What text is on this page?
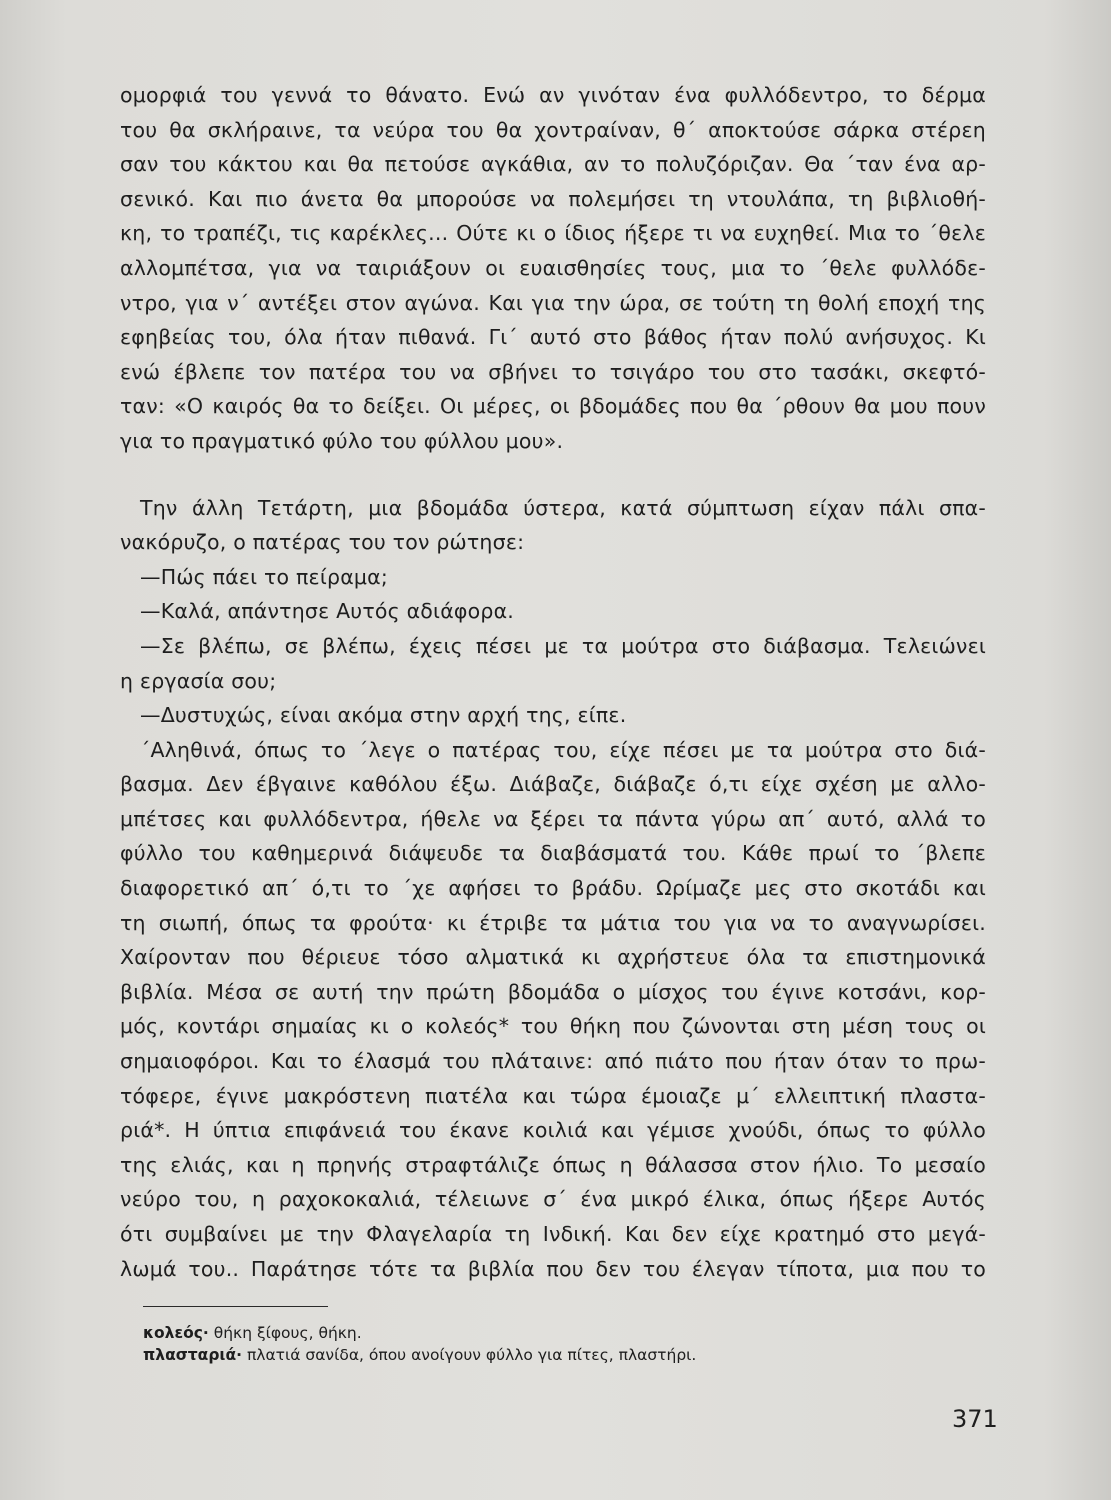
ομορφιά του γεννά το θάνατο. Ενώ αν γινόταν ένα φυλλόδεντρο, το δέρμα
του θα σκλήραινε, τα νεύρα του θα χοντραίναν, θ΄ αποκτούσε σάρκα στέρεη
σαν του κάκτου και θα πετούσε αγκάθια, αν το πολυζόριζαν. Θα ΄ταν ένα αρ-
σενικό. Και πιο άνετα θα μπορούσε να πολεμήσει τη ντουλάπα, τη βιβλιοθή-
κη, το τραπέζι, τις καρέκλες... Ούτε κι ο ίδιος ήξερε τι να ευχηθεί. Μια το ΄θελε
αλλομπέτσα, για να ταιριάξουν οι ευαισθησίες τους, μια το ΄θελε φυλλόδε-
ντρο, για ν΄ αντέξει στον αγώνα. Και για την ώρα, σε τούτη τη θολή εποχή της
εφηβείας του, όλα ήταν πιθανά. Γι΄ αυτό στο βάθος ήταν πολύ ανήσυχος. Κι
ενώ έβλεπε τον πατέρα του να σβήνει το τσιγάρο του στο τασάκι, σκεφτό-
ταν: «Ο καιρός θα το δείξει. Οι μέρες, οι βδομάδες που θα ΄ρθουν θα μου πουν
για το πραγματικό φύλο του φύλλου μου».
Την άλλη Τετάρτη, μια βδομάδα ύστερα, κατά σύμπτωση είχαν πάλι σπα-
νακόρυζο, ο πατέρας του τον ρώτησε:
—Πώς πάει το πείραμα;
—Καλά, απάντησε Αυτός αδιάφορα.
—Σε βλέπω, σε βλέπω, έχεις πέσει με τα μούτρα στο διάβασμα. Τελειώνει
η εργασία σου;
—Δυστυχώς, είναι ακόμα στην αρχή της, είπε.
΄Αληθινά, όπως το ΄λεγε ο πατέρας του, είχε πέσει με τα μούτρα στο διά-
βασμα. Δεν έβγαινε καθόλου έξω. Διάβαζε, διάβαζε ό,τι είχε σχέση με αλλο-
μπέτσες και φυλλόδεντρα, ήθελε να ξέρει τα πάντα γύρω απ΄ αυτό, αλλά το
φύλλο του καθημερινά διάψευδε τα διαβάσματά του. Κάθε πρωί το ΄βλεπε
διαφορετικό απ΄ ό,τι το ΄χε αφήσει το βράδυ. Ωρίμαζε μες στο σκοτάδι και
τη σιωπή, όπως τα φρούτα· κι έτριβε τα μάτια του για να το αναγνωρίσει.
Χαίρονταν που θέριευε τόσο αλματικά κι αχρήστευε όλα τα επιστημονικά
βιβλία. Μέσα σε αυτή την πρώτη βδομάδα ο μίσχος του έγινε κοτσάνι, κορ-
μός, κοντάρι σημαίας κι ο κολεός* του θήκη που ζώνονται στη μέση τους οι
σημαιοφόροι. Και το έλασμά του πλάταινε: από πιάτο που ήταν όταν το πρω-
τόφερε, έγινε μακρόστενη πιατέλα και τώρα έμοιαζε μ΄ ελλειπτική πλαστα-
ριά*. Η ύπτια επιφάνειά του έκανε κοιλιά και γέμισε χνούδι, όπως το φύλλο
της ελιάς, και η πρηνής στραφτάλιζε όπως η θάλασσα στον ήλιο. Το μεσαίο
νεύρο του, η ραχοκοκαλιά, τέλειωνε σ΄ ένα μικρό έλικα, όπως ήξερε Αυτός
ότι συμβαίνει με την Φλαγελαρία τη Ινδική. Και δεν είχε κρατημό στο μεγά-
λωμά του.. Παράτησε τότε τα βιβλία που δεν του έλεγαν τίποτα, μια που το
κολεός· θήκη ξίφους, θήκη.
πλασταριά· πλατιά σανίδα, όπου ανοίγουν φύλλο για πίτες, πλαστήρι.
371
